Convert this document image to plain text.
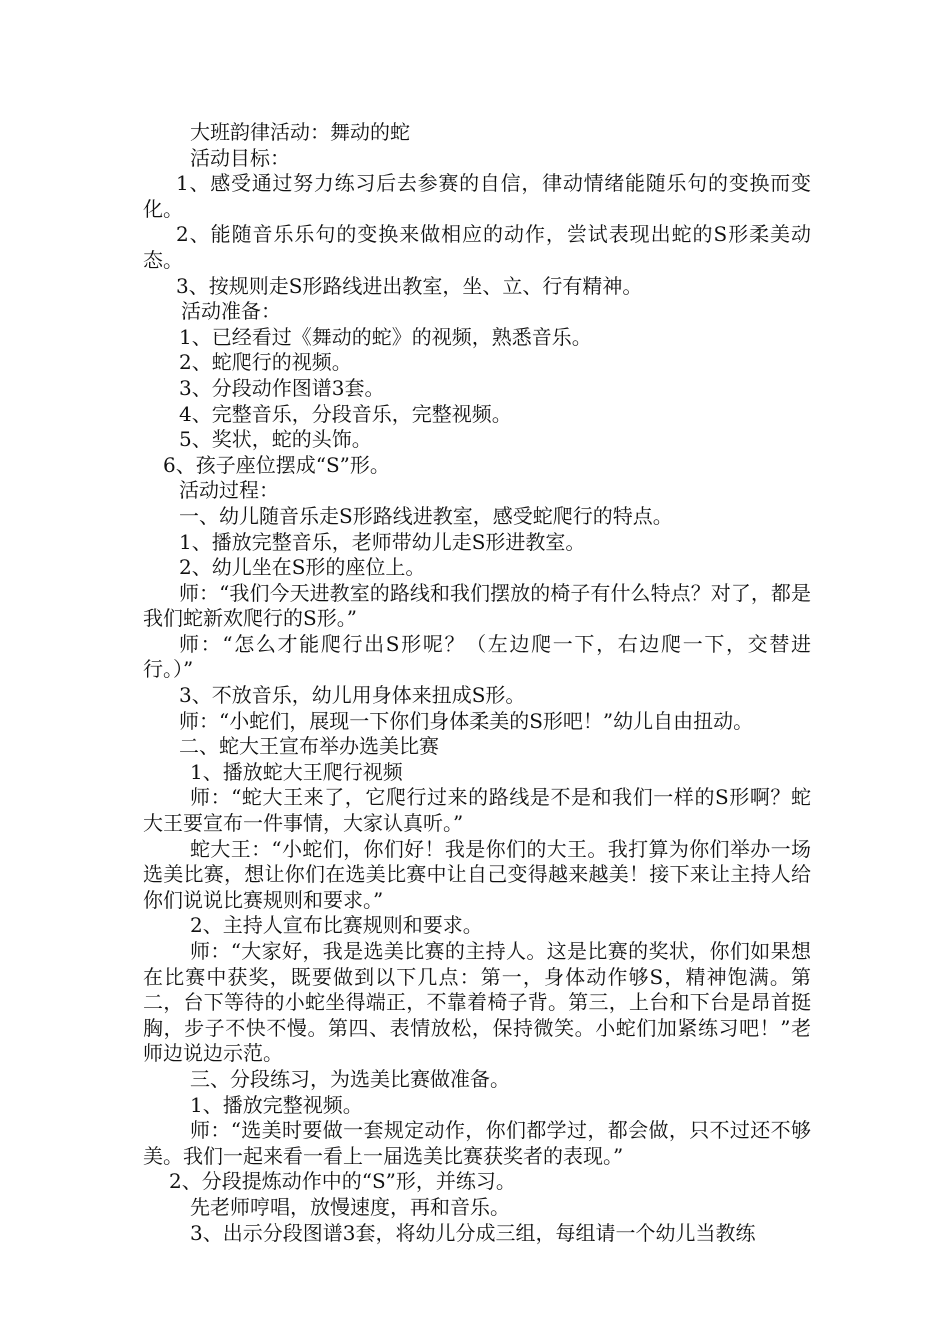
大班韵律活动：舞动的蛇

活动目标：

1、感受通过努力练习后去参赛的自信，律动情绪能随乐句的变换而变化。

2、能随音乐乐句的变换来做相应的动作，尝试表现出蛇的S形柔美动态。

3、按规则走S形路线进出教室，坐、立、行有精神。

活动准备：

1、已经看过《舞动的蛇》的视频，熟悉音乐。

2、蛇爬行的视频。

3、分段动作图谱3套。

4、完整音乐，分段音乐，完整视频。

5、奖状，蛇的头饰。

6、孩子座位摆成“S”形。

活动过程：

一、幼儿随音乐走S形路线进教室，感受蛇爬行的特点。

1、播放完整音乐，老师带幼儿走S形进教室。

2、幼儿坐在S形的座位上。

师：“我们今天进教室的路线和我们摆放的椅子有什么特点？对了，都是我们蛇新欢爬行的S形。”

师：“怎么才能爬行出S形呢？（左边爬一下，右边爬一下，交替进行。）”

3、不放音乐，幼儿用身体来扭成S形。

师：“小蛇们，展现一下你们身体柔美的S形吧！”幼儿自由扭动。

二、蛇大王宣布举办选美比赛

1、播放蛇大王爬行视频

师：“蛇大王来了，它爬行过来的路线是不是和我们一样的S形啊？蛇大王要宣布一件事情，大家认真听。”

蛇大王：“小蛇们，你们好！我是你们的大王。我打算为你们举办一场选美比赛，想让你们在选美比赛中让自己变得越来越美！接下来让主持人给你们说说比赛规则和要求。”

2、主持人宣布比赛规则和要求。

师：“大家好，我是选美比赛的主持人。这是比赛的奖状，你们如果想在比赛中获奖，既要做到以下几点：第一，身体动作够S，精神饱满。第二，台下等待的小蛇坐得端正，不靠着椅子背。第三，上台和下台是昂首挺胸，步子不快不慢。第四、表情放松，保持微笑。小蛇们加紧练习吧！”老师边说边示范。

三、分段练习，为选美比赛做准备。

1、播放完整视频。

师：“选美时要做一套规定动作，你们都学过，都会做，只不过还不够美。我们一起来看一看上一届选美比赛获奖者的表现。”

2、分段提炼动作中的“S”形，并练习。

先老师哼唱，放慢速度，再和音乐。

3、出示分段图谱3套，将幼儿分成三组，每组请一个幼儿当教练
